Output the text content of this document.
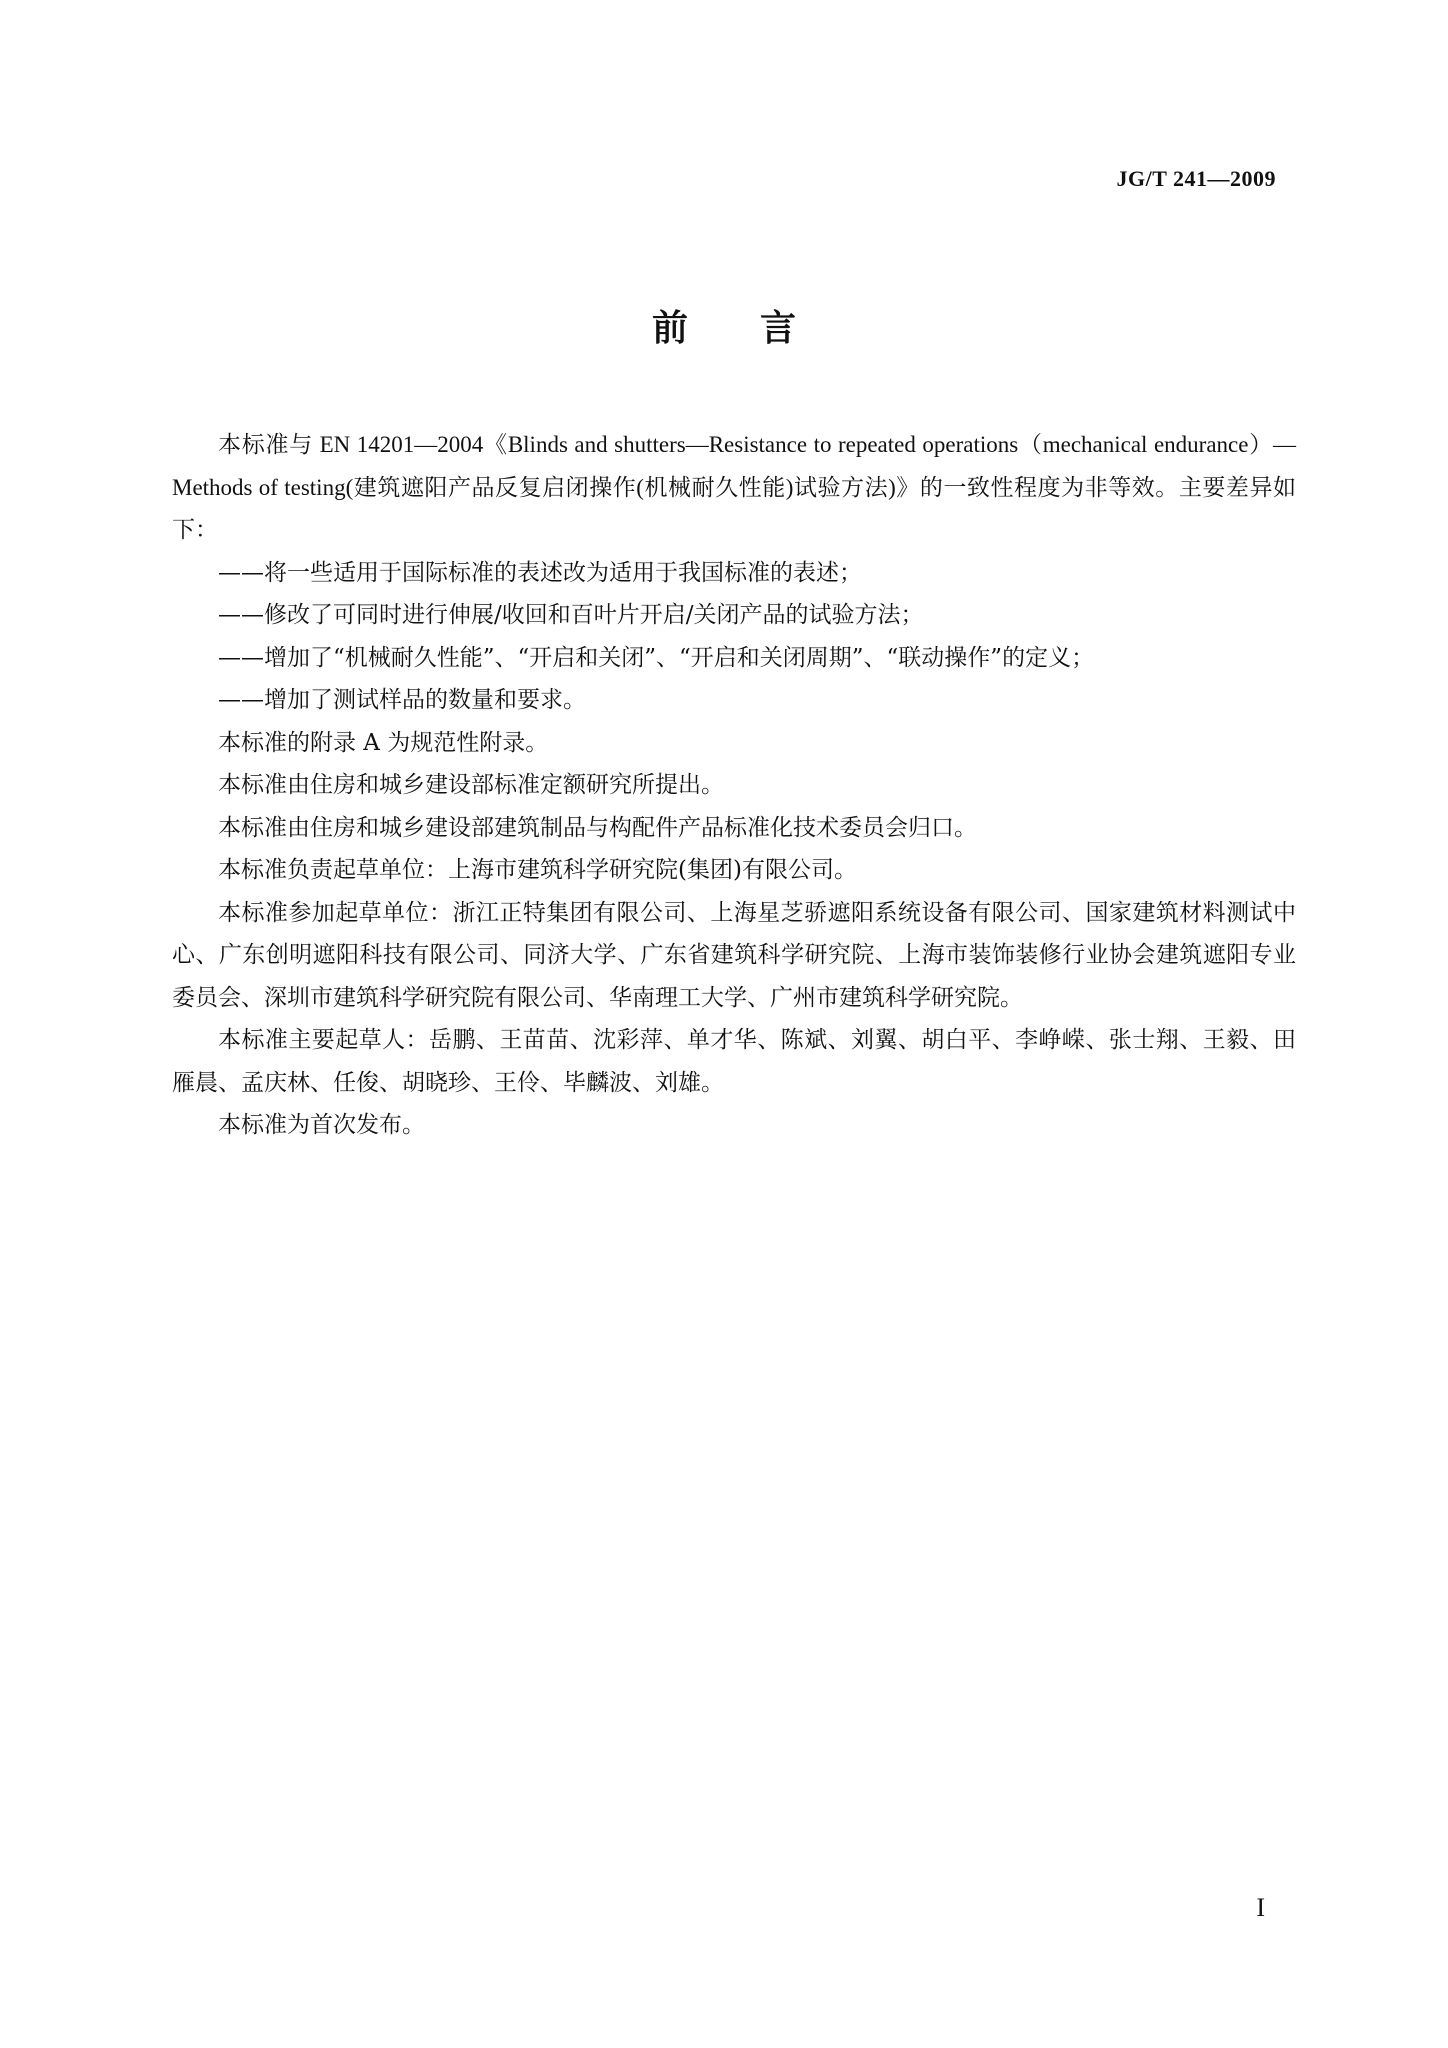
JG/T 241—2009
前言

本标准与 EN 14201—2004《Blinds and shutters—Resistance to repeated operations（mechanical endurance）—Methods of testing(建筑遮阳产品反复启闭操作(机械耐久性能)试验方法)》的一致性程度为非等效。主要差异如下：

——将一些适用于国际标准的表述改为适用于我国标准的表述；

——修改了可同时进行伸展/收回和百叶片开启/关闭产品的试验方法；

——增加了“机械耐久性能”、“开启和关闭”、“开启和关闭周期”、“联动操作”的定义；

——增加了测试样品的数量和要求。

本标准的附录 A 为规范性附录。

本标准由住房和城乡建设部标准定额研究所提出。

本标准由住房和城乡建设部建筑制品与构配件产品标准化技术委员会归口。

本标准负责起草单位：上海市建筑科学研究院(集团)有限公司。

本标准参加起草单位：浙江正特集团有限公司、上海星芝骄遮阳系统设备有限公司、国家建筑材料测试中心、广东创明遮阳科技有限公司、同济大学、广东省建筑科学研究院、上海市装饰装修行业协会建筑遮阳专业委员会、深圳市建筑科学研究院有限公司、华南理工大学、广州市建筑科学研究院。

本标准主要起草人：岳鹏、王苗苗、沈彩萍、单才华、陈斌、刘翼、胡白平、李峥嵘、张士翔、王毅、田雁晨、孟庆林、任俊、胡晓珍、王伶、毕麟波、刘雄。

本标准为首次发布。

I
